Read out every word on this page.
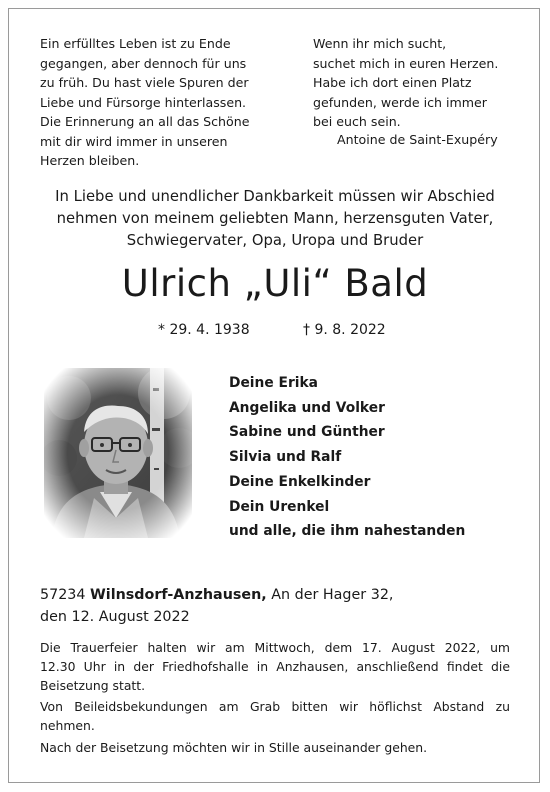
Ein erfülltes Leben ist zu Ende
gegangen, aber dennoch für uns
zu früh. Du hast viele Spuren der
Liebe und Fürsorge hinterlassen.
Die Erinnerung an all das Schöne
mit dir wird immer in unseren
Herzen bleiben.
Wenn ihr mich sucht,
suchet mich in euren Herzen.
Habe ich dort einen Platz
gefunden, werde ich immer
bei euch sein.
Antoine de Saint-Exupéry
In Liebe und unendlicher Dankbarkeit müssen wir Abschied
nehmen von meinem geliebten Mann, herzensguten Vater,
Schwiegervater, Opa, Uropa und Bruder
Ulrich „Uli“ Bald
* 29. 4. 1938	† 9. 8. 2022
Deine Erika
Angelika und Volker
Sabine und Günther
Silvia und Ralf
Deine Enkelkinder
Dein Urenkel
und alle, die ihm nahestanden
57234 Wilnsdorf-Anzhausen, An der Hager 32,
den 12. August 2022
Die Trauerfeier halten wir am Mittwoch, dem 17. August 2022, um
12.30 Uhr in der Friedhofshalle in Anzhausen, anschließend findet die
Beisetzung statt.
Von Beileidsbekundungen am Grab bitten wir höflichst Abstand zu
nehmen.
Nach der Beisetzung möchten wir in Stille auseinander gehen.
